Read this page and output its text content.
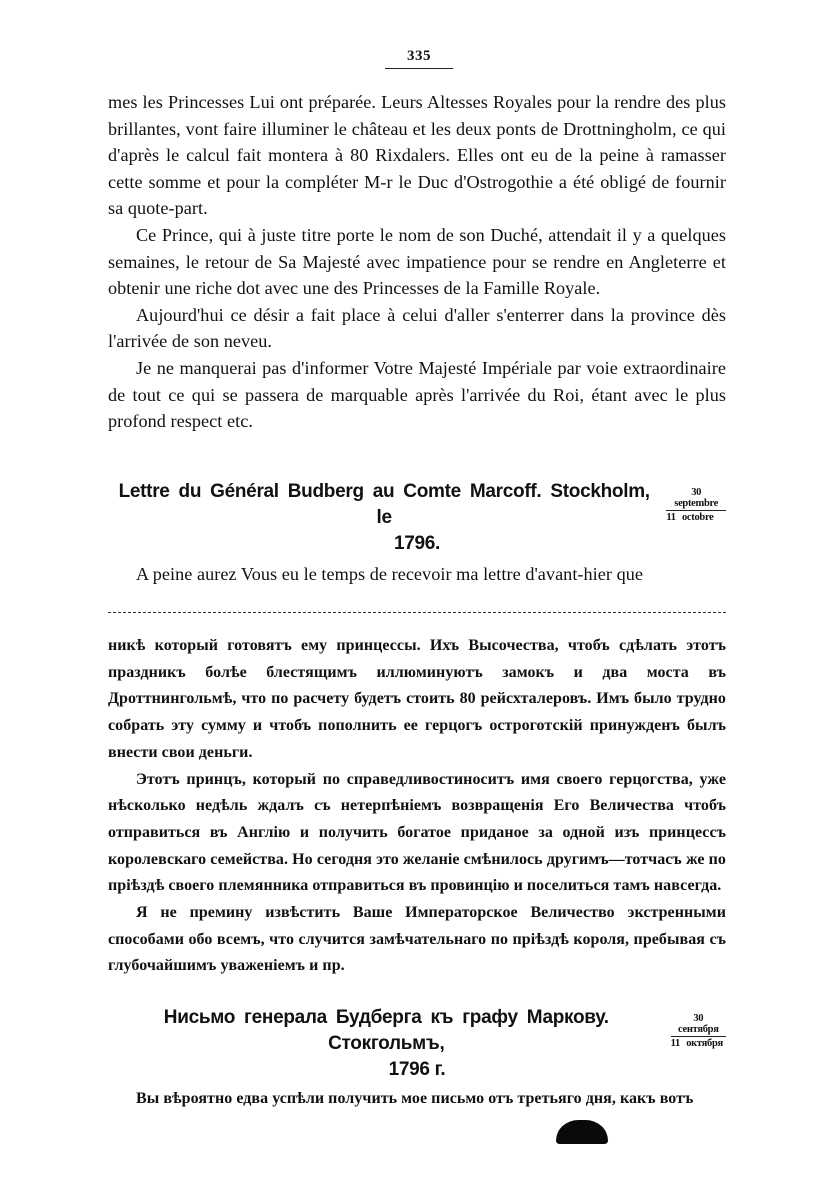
335

mes les Princesses Lui ont préparée. Leurs Altesses Royales pour la rendre des plus brillantes, vont faire illuminer le château et les deux ponts de Drottningholm, ce qui d'après le calcul fait montera à 80 Rixdalers. Elles ont eu de la peine à ramasser cette somme et pour la compléter M-r le Duc d'Ostrogothie a été obligé de fournir sa quote-part.

Ce Prince, qui à juste titre porte le nom de son Duché, attendait il y a quelques semaines, le retour de Sa Majesté avec impatience pour se rendre en Angleterre et obtenir une riche dot avec une des Princesses de la Famille Royale.

Aujourd'hui ce désir a fait place à celui d'aller s'enterrer dans la province dès l'arrivée de son neveu.

Je ne manquerai pas d'informer Votre Majesté Impériale par voie extraordinaire de tout ce qui se passera de marquable après l'arrivée du Roi, étant avec le plus profond respect etc.

Lettre du Général Budberg au Comte Marcoff. Stockholm, le	$\frac{\text{30 septembre}}{\text{11 octobre}}$
1796.

A peine aurez Vous eu le temps de recevoir ma lettre d'avant-hier que

никѣ который готовятъ ему принцессы. Ихъ Высочества, чтобъ сдѣлать этотъ праздникъ болѣе блестящимъ иллюминуютъ замокъ и два моста въ Дроттнингольмѣ, что по расчету будетъ стоить 80 рейсхталеровъ. Имъ было трудно собрать эту сумму и чтобъ пополнить ее герцогъ остроготскій принужденъ былъ внести свои деньги.

Этотъ принцъ, который по справедливостиноситъ имя своего герцогства, уже нѣсколько недѣль ждалъ съ нетерпѣніемъ возвращенія Его Величества чтобъ отправиться въ Англію и получить богатое приданое за одной изъ принцессъ королевскаго семейства. Но сегодня это желаніе смѣнилось другимъ—тотчасъ же по пріѣздѣ своего племянника отправиться въ провинцію и поселиться тамъ навсегда.

Я не премину извѣстить Ваше Императорское Величество экстренными способами обо всемъ, что случится замѣчательнаго по пріѣздѣ короля, пребывая съ глубочайшимъ уваженіемъ и пр.

Нисьмо генерала Будберга къ графу Маркову. Стокгольмъ,	$\frac{\text{30 сентября}}{\text{11 октября}}$
1796 г.

Вы вѣроятно едва успѣли получить мое письмо отъ третьяго дня, какъ вотъ
